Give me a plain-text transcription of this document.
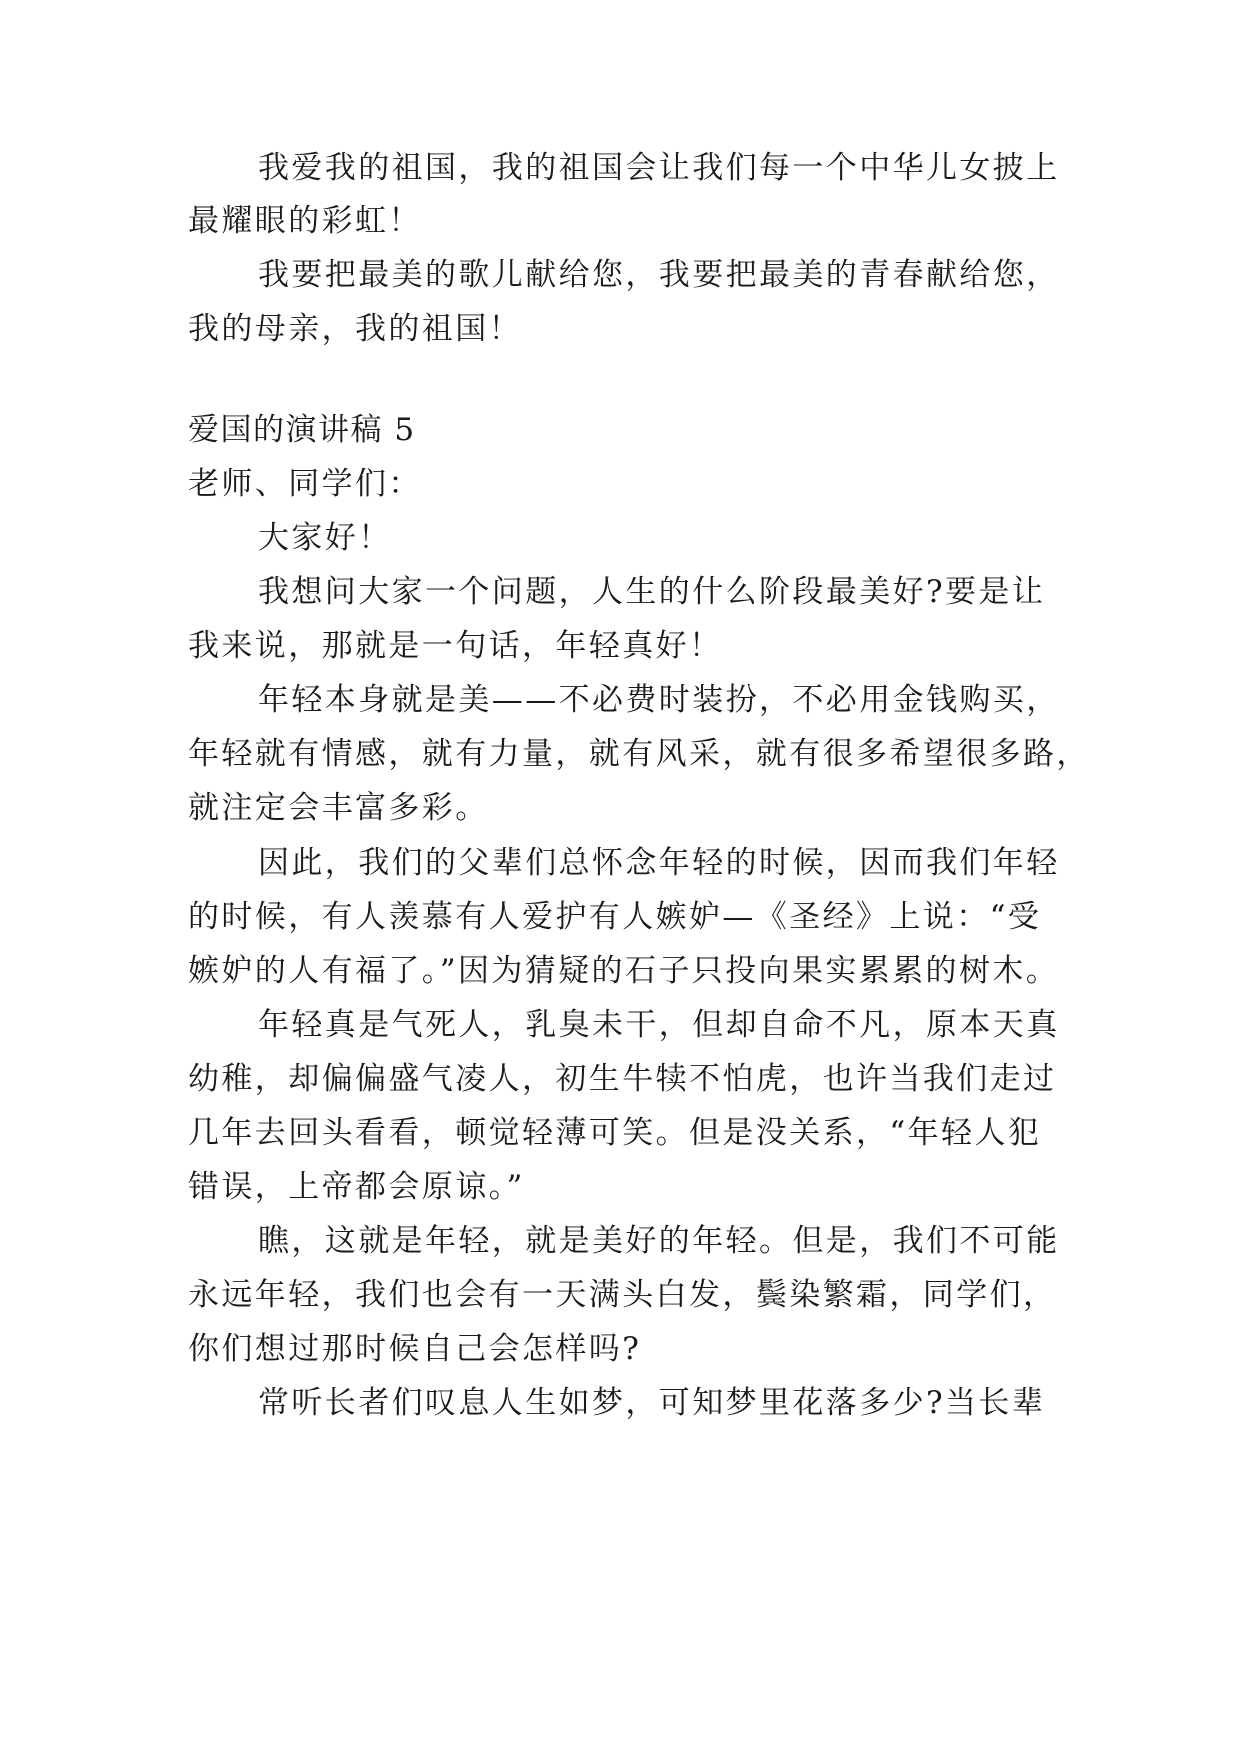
我爱我的祖国，我的祖国会让我们每一个中华儿女披上

最耀眼的彩虹！

我要把最美的歌儿献给您，我要把最美的青春献给您，

我的母亲，我的祖国！

爱国的演讲稿 5

老师、同学们：

大家好！

我想问大家一个问题，人生的什么阶段最美好?要是让

我来说，那就是一句话，年轻真好！

年轻本身就是美——不必费时装扮，不必用金钱购买，

年轻就有情感，就有力量，就有风采，就有很多希望很多路，

就注定会丰富多彩。

因此，我们的父辈们总怀念年轻的时候，因而我们年轻

的时候，有人羡慕有人爱护有人嫉妒—《圣经》上说：“受

嫉妒的人有福了。”因为猜疑的石子只投向果实累累的树木。

年轻真是气死人，乳臭未干，但却自命不凡，原本天真

幼稚，却偏偏盛气凌人，初生牛犊不怕虎，也许当我们走过

几年去回头看看，顿觉轻薄可笑。但是没关系，“年轻人犯

错误，上帝都会原谅。”

瞧，这就是年轻，就是美好的年轻。但是，我们不可能

永远年轻，我们也会有一天满头白发，鬓染繁霜，同学们，

你们想过那时候自己会怎样吗?

常听长者们叹息人生如梦，可知梦里花落多少?当长辈
